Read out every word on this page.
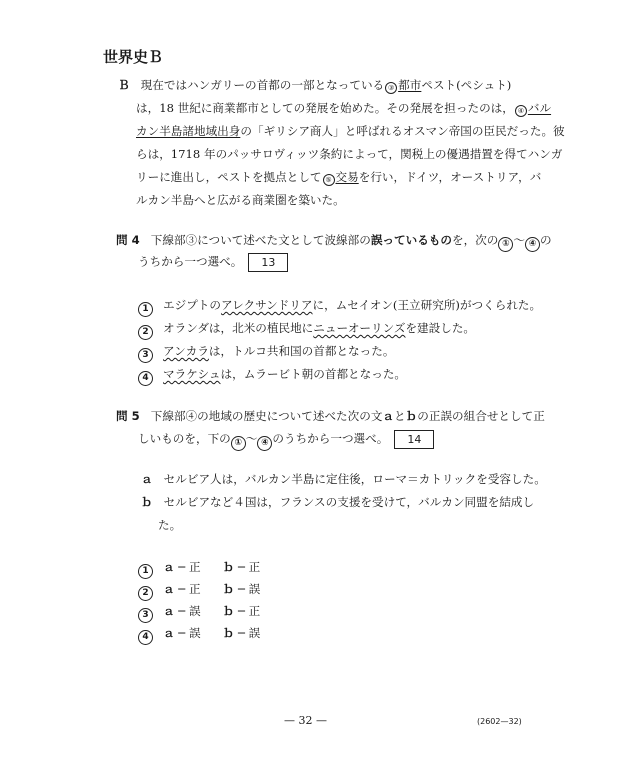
世界史Ｂ
Ｂ 現在ではハンガリーの首都の一部となっている ③ 都市ペスト(ペシュト)
は，18 世紀に商業都市としての発展を始めた。その発展を担ったのは， ④ バル
カン半島諸地域出身の「ギリシア商人」と呼ばれるオスマン帝国の臣民だった。彼
らは，1718 年のパッサロヴィッツ条約によって，関税上の優遇措置を得てハンガ
リーに進出し，ペストを拠点として ⑤ 交易を行い，ドイツ，オーストリア，バ
ルカン半島へと広がる商業圏を築いた。
問 4 下線部③について述べた文として波線部の誤っているものを，次の ① ～ ④ の
うちから一つ選べ。 13
1 エジプトのアレクサンドリアに，ムセイオン(王立研究所)がつくられた。
2 オランダは，北米の植民地にニューオーリンズを建設した。
3 アンカラは，トルコ共和国の首都となった。
4 マラケシュは，ムラービト朝の首都となった。
問 5 下線部④の地域の歴史について述べた次の文ａとｂの正誤の組合せとして正
しいものを，下の ① ～ ④ のうちから一つ選べ。 14
ａ セルビア人は，バルカン半島に定住後，ローマ＝カトリックを受容した。
ｂ セルビアなど４国は，フランスの支援を受けて，バルカン同盟を結成し
た。
1 ａ ─ 正 ｂ ─ 正
2 ａ ─ 正 ｂ ─ 誤
3 ａ ─ 誤 ｂ ─ 正
4 ａ ─ 誤 ｂ ─ 誤
— 32 —	(2602—32)
